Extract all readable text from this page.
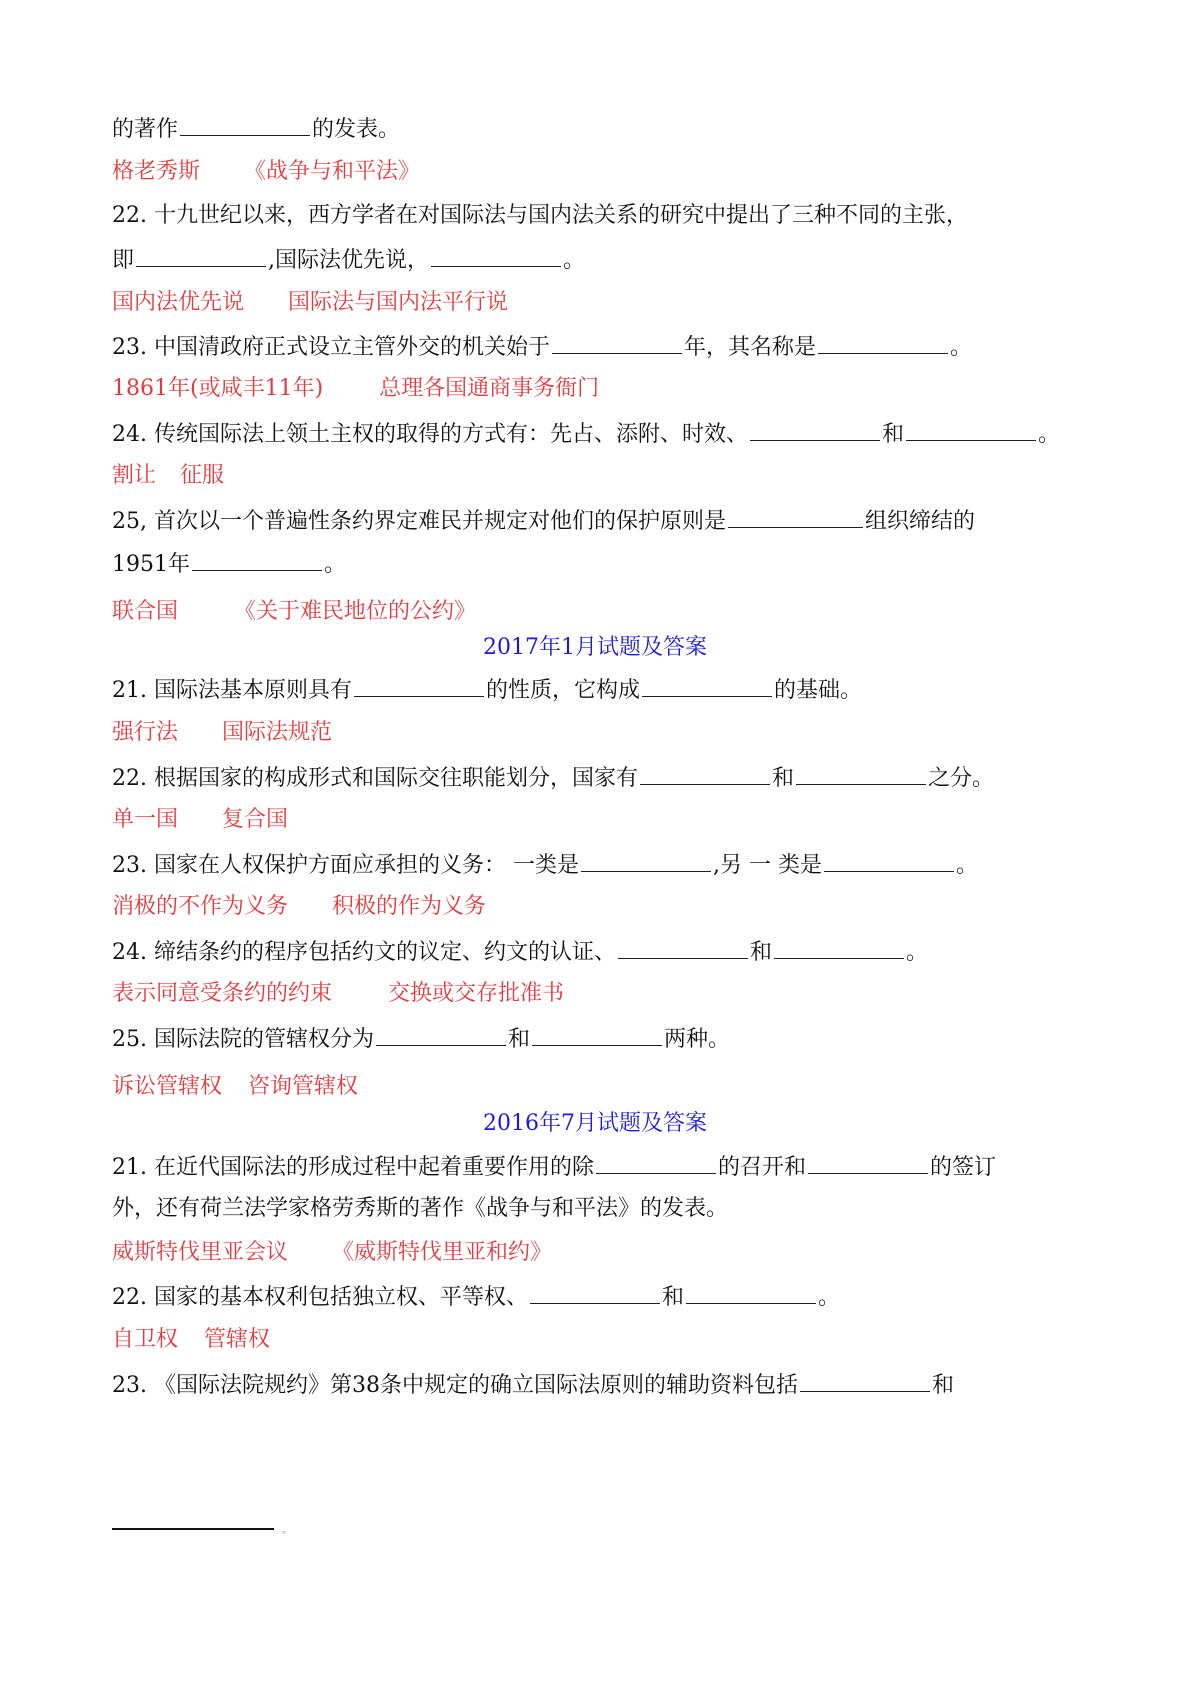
的著作	的发表。
格老秀斯 《战争与和平法》
22. 十九世纪以来，西方学者在对国际法与国内法关系的研究中提出了三种不同的主张，
即	,国际法优先说，	。
国内法优先说 国际法与国内法平行说
23. 中国清政府正式设立主管外交的机关始于	年，其名称是	。
1861年(或咸丰11年)	总理各国通商事务衙门
24. 传统国际法上领土主权的取得的方式有：先占、添附、时效、	和	。
割让 征服
25, 首次以一个普遍性条约界定难民并规定对他们的保护原则是	组织缔结的
1951年	。
联合国	《关于难民地位的公约》
2017年1月试题及答案
21. 国际法基本原则具有	的性质，它构成	的基础。
强行法 国际法规范
22. 根据国家的构成形式和国际交往职能划分，国家有	和	之分。
单一国 复合国
23. 国家在人权保护方面应承担的义务： 一类是	,另 一 类是	。
消极的不作为义务 积极的作为义务
24. 缔结条约的程序包括约文的议定、约文的认证、	和	。
表示同意受条约的约束	交换或交存批准书
25. 国际法院的管辖权分为	和	两种。
诉讼管辖权 咨询管辖权
2016年7月试题及答案
21. 在近代国际法的形成过程中起着重要作用的除	的召开和	的签订
外，还有荷兰法学家格劳秀斯的著作《战争与和平法》的发表。
威斯特伐里亚会议 《威斯特伐里亚和约》
22. 国家的基本权利包括独立权、平等权、	和	。
自卫权 管辖权
23. 《国际法院规约》第38条中规定的确立国际法原则的辅助资料包括	和
。
